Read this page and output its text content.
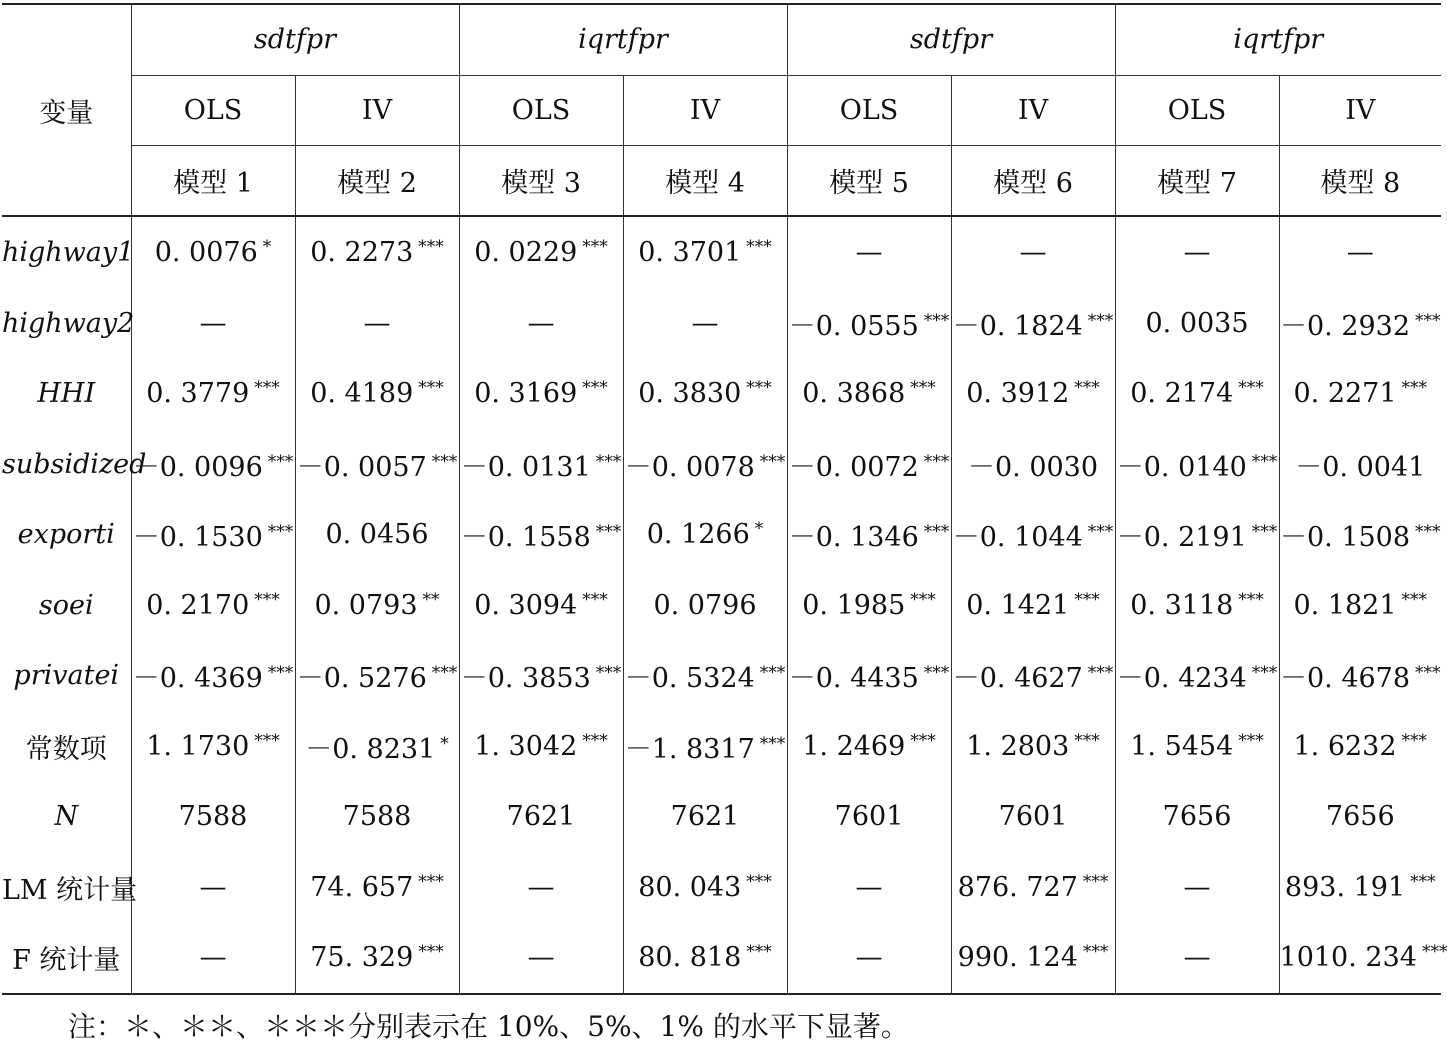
变量	sdtfpr		iqrtfpr		sdtfpr		iqrtfpr	
	OLS	IV	OLS	IV	OLS	IV	OLS	IV
	模型 1	模型 2	模型 3	模型 4	模型 5	模型 6	模型 7	模型 8
highway1	0. 0076 *	0. 2273 ***	0. 0229 ***	0. 3701 ***	—	—	—	—
highway2	—	—	—	—	－0. 0555 ***	－0. 1824 ***	0. 0035	－0. 2932 ***
HHI	0. 3779 ***	0. 4189 ***	0. 3169 ***	0. 3830 ***	0. 3868 ***	0. 3912 ***	0. 2174 ***	0. 2271 ***
subsidized	－0. 0096 ***	－0. 0057 ***	－0. 0131 ***	－0. 0078 ***	－0. 0072 ***	－0. 0030	－0. 0140 ***	－0. 0041
exporti	－0. 1530 ***	0. 0456	－0. 1558 ***	0. 1266 *	－0. 1346 ***	－0. 1044 ***	－0. 2191 ***	－0. 1508 ***
soei	0. 2170 ***	0. 0793 **	0. 3094 ***	0. 0796	0. 1985 ***	0. 1421 ***	0. 3118 ***	0. 1821 ***
privatei	－0. 4369 ***	－0. 5276 ***	－0. 3853 ***	－0. 5324 ***	－0. 4435 ***	－0. 4627 ***	－0. 4234 ***	－0. 4678 ***
常数项	1. 1730 ***	－0. 8231 *	1. 3042 ***	－1. 8317 ***	1. 2469 ***	1. 2803 ***	1. 5454 ***	1. 6232 ***
N	7588	7588	7621	7621	7601	7601	7656	7656
LM 统计量	—	74. 657 ***	—	80. 043 ***	—	876. 727 ***	—	893. 191 ***
F 统计量	—	75. 329 ***	—	80. 818 ***	—	990. 124 ***	—	1010. 234 ***
注：＊、＊＊、＊＊＊分别表示在 10%、5%、1% 的水平下显著。
